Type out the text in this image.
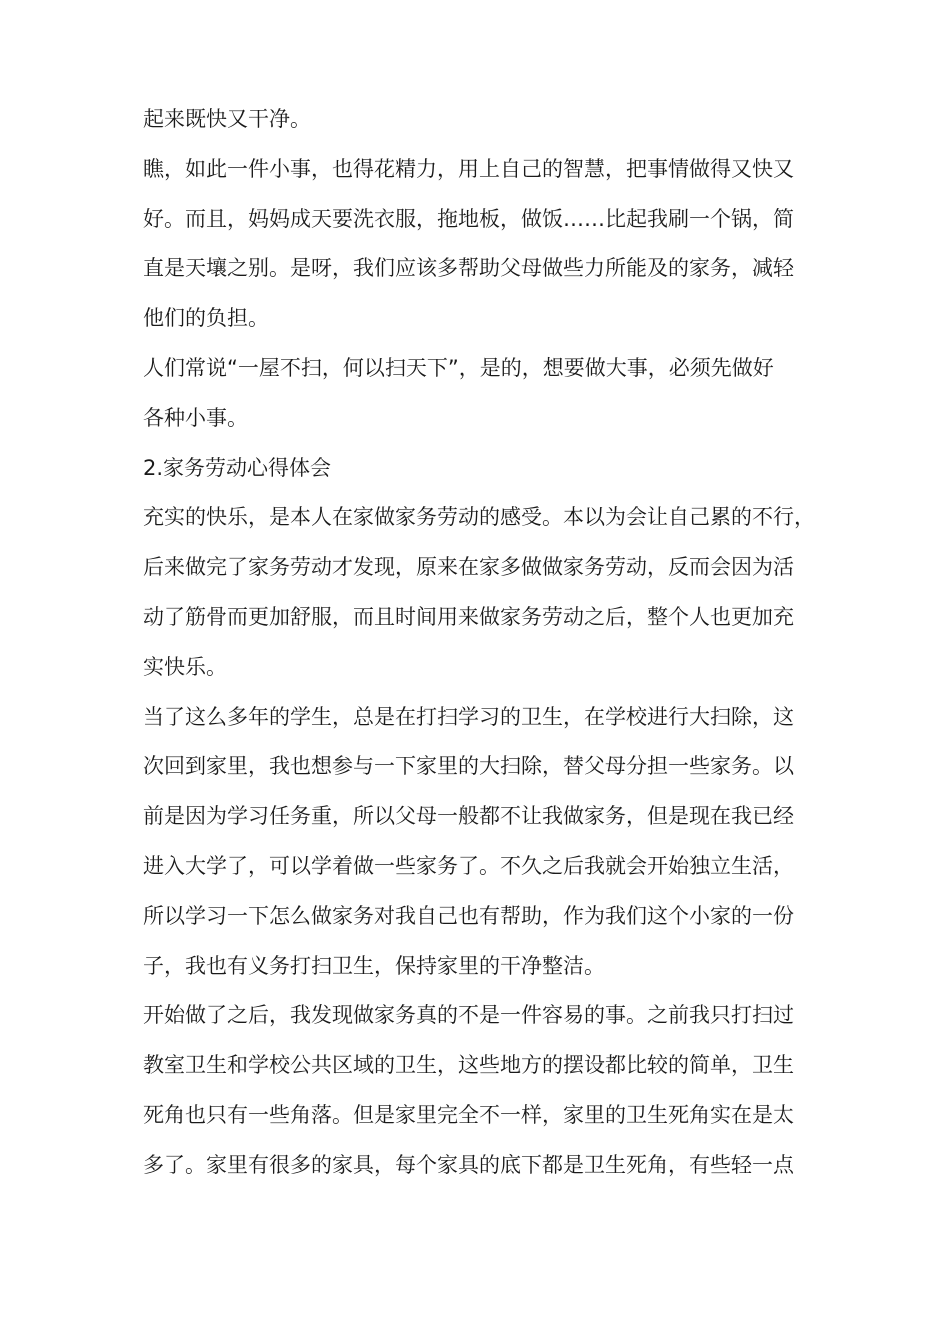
起来既快又干净。
瞧，如此一件小事，也得花精力，用上自己的智慧，把事情做得又快又
好。而且，妈妈成天要洗衣服，拖地板，做饭……比起我刷一个锅，简
直是天壤之别。是呀，我们应该多帮助父母做些力所能及的家务，减轻
他们的负担。
人们常说“一屋不扫，何以扫天下”，是的，想要做大事，必须先做好
各种小事。
2.家务劳动心得体会
充实的快乐，是本人在家做家务劳动的感受。本以为会让自己累的不行，
后来做完了家务劳动才发现，原来在家多做做家务劳动，反而会因为活
动了筋骨而更加舒服，而且时间用来做家务劳动之后，整个人也更加充
实快乐。
当了这么多年的学生，总是在打扫学习的卫生，在学校进行大扫除，这
次回到家里，我也想参与一下家里的大扫除，替父母分担一些家务。以
前是因为学习任务重，所以父母一般都不让我做家务，但是现在我已经
进入大学了，可以学着做一些家务了。不久之后我就会开始独立生活，
所以学习一下怎么做家务对我自己也有帮助，作为我们这个小家的一份
子，我也有义务打扫卫生，保持家里的干净整洁。
开始做了之后，我发现做家务真的不是一件容易的事。之前我只打扫过
教室卫生和学校公共区域的卫生，这些地方的摆设都比较的简单，卫生
死角也只有一些角落。但是家里完全不一样，家里的卫生死角实在是太
多了。家里有很多的家具，每个家具的底下都是卫生死角，有些轻一点
